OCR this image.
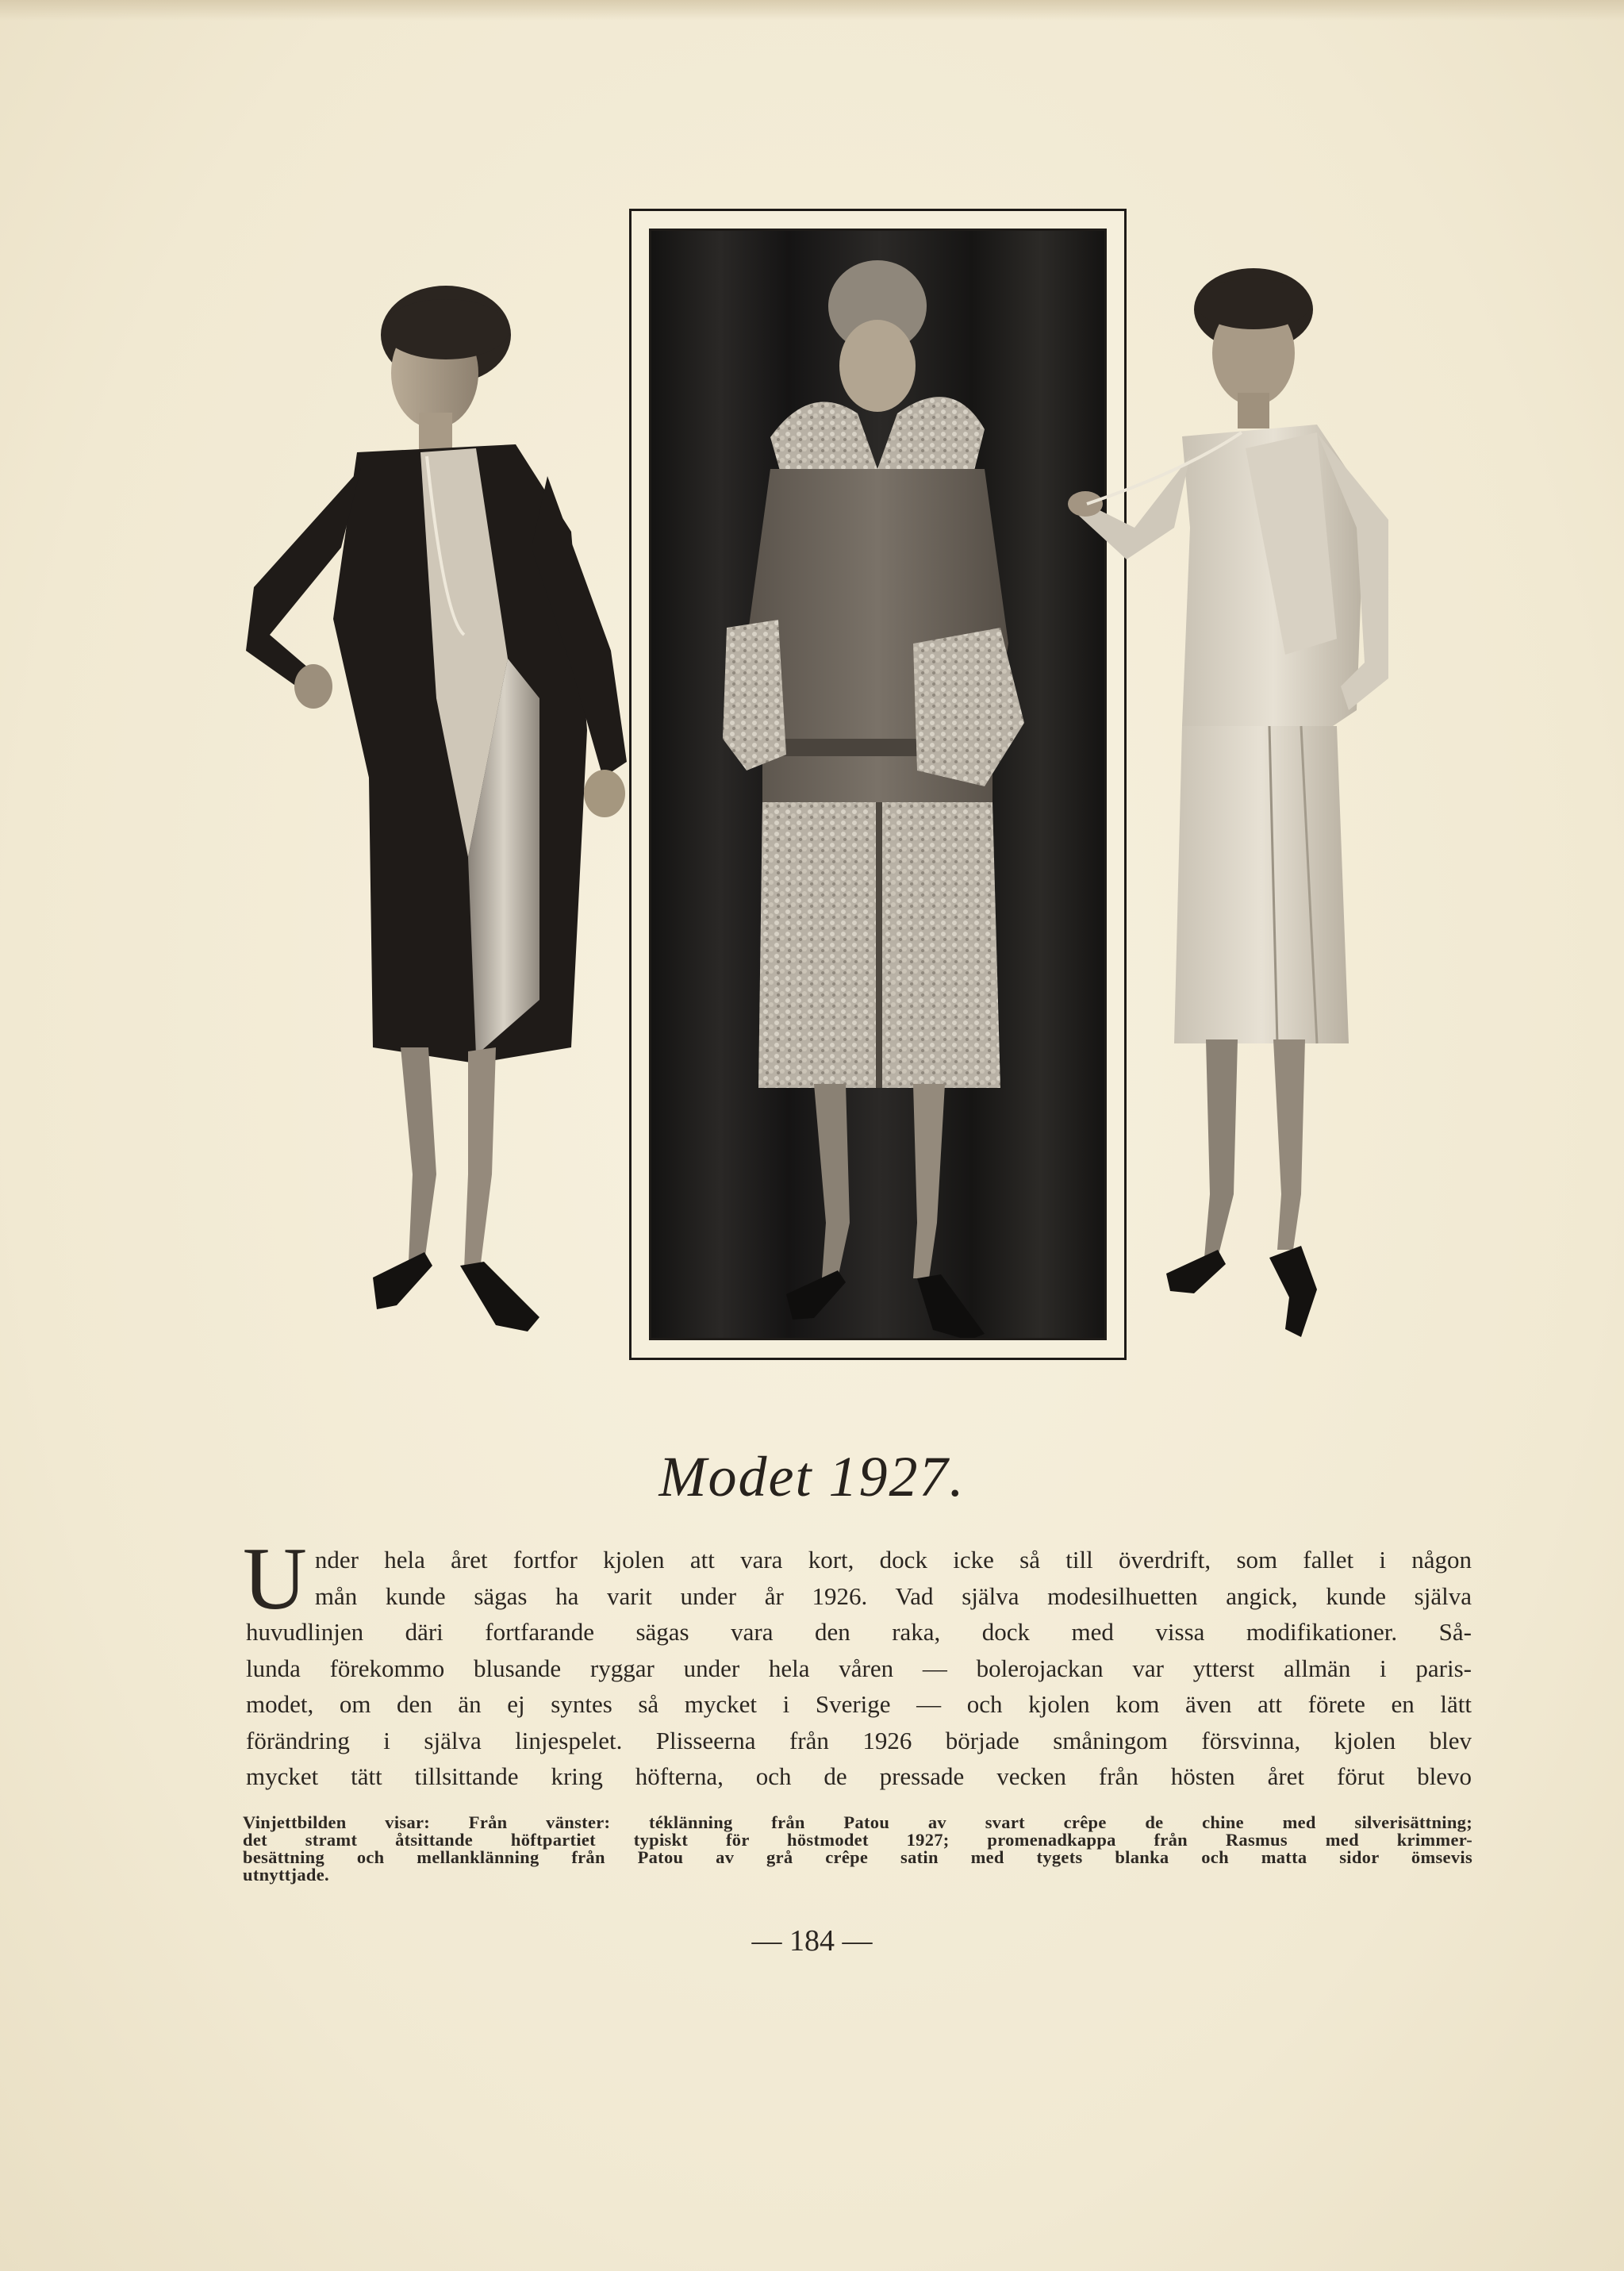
Modet 1927.
U nder hela året fortfor kjolen att vara kort, dock icke så till överdrift, som fallet i någon
mån kunde sägas ha varit under år 1926. Vad själva modesilhuetten angick, kunde själva
huvudlinjen däri fortfarande sägas vara den raka, dock med vissa modifikationer. Så-
lunda förekommo blusande ryggar under hela våren — bolerojackan var ytterst allmän i paris-
modet, om den än ej syntes så mycket i Sverige — och kjolen kom även att förete en lätt
förändring i själva linjespelet. Plisseerna från 1926 började småningom försvinna, kjolen blev
mycket tätt tillsittande kring höfterna, och de pressade vecken från hösten året förut blevo
Vinjettbilden visar: Från vänster: téklänning från Patou av svart crêpe de chine med silverisättning;
det stramt åtsittande höftpartiet typiskt för höstmodet 1927; promenadkappa från Rasmus med krimmer-
besättning och mellanklänning från Patou av grå crêpe satin med tygets blanka och matta sidor ömsevis
utnyttjade.
— 184 —
